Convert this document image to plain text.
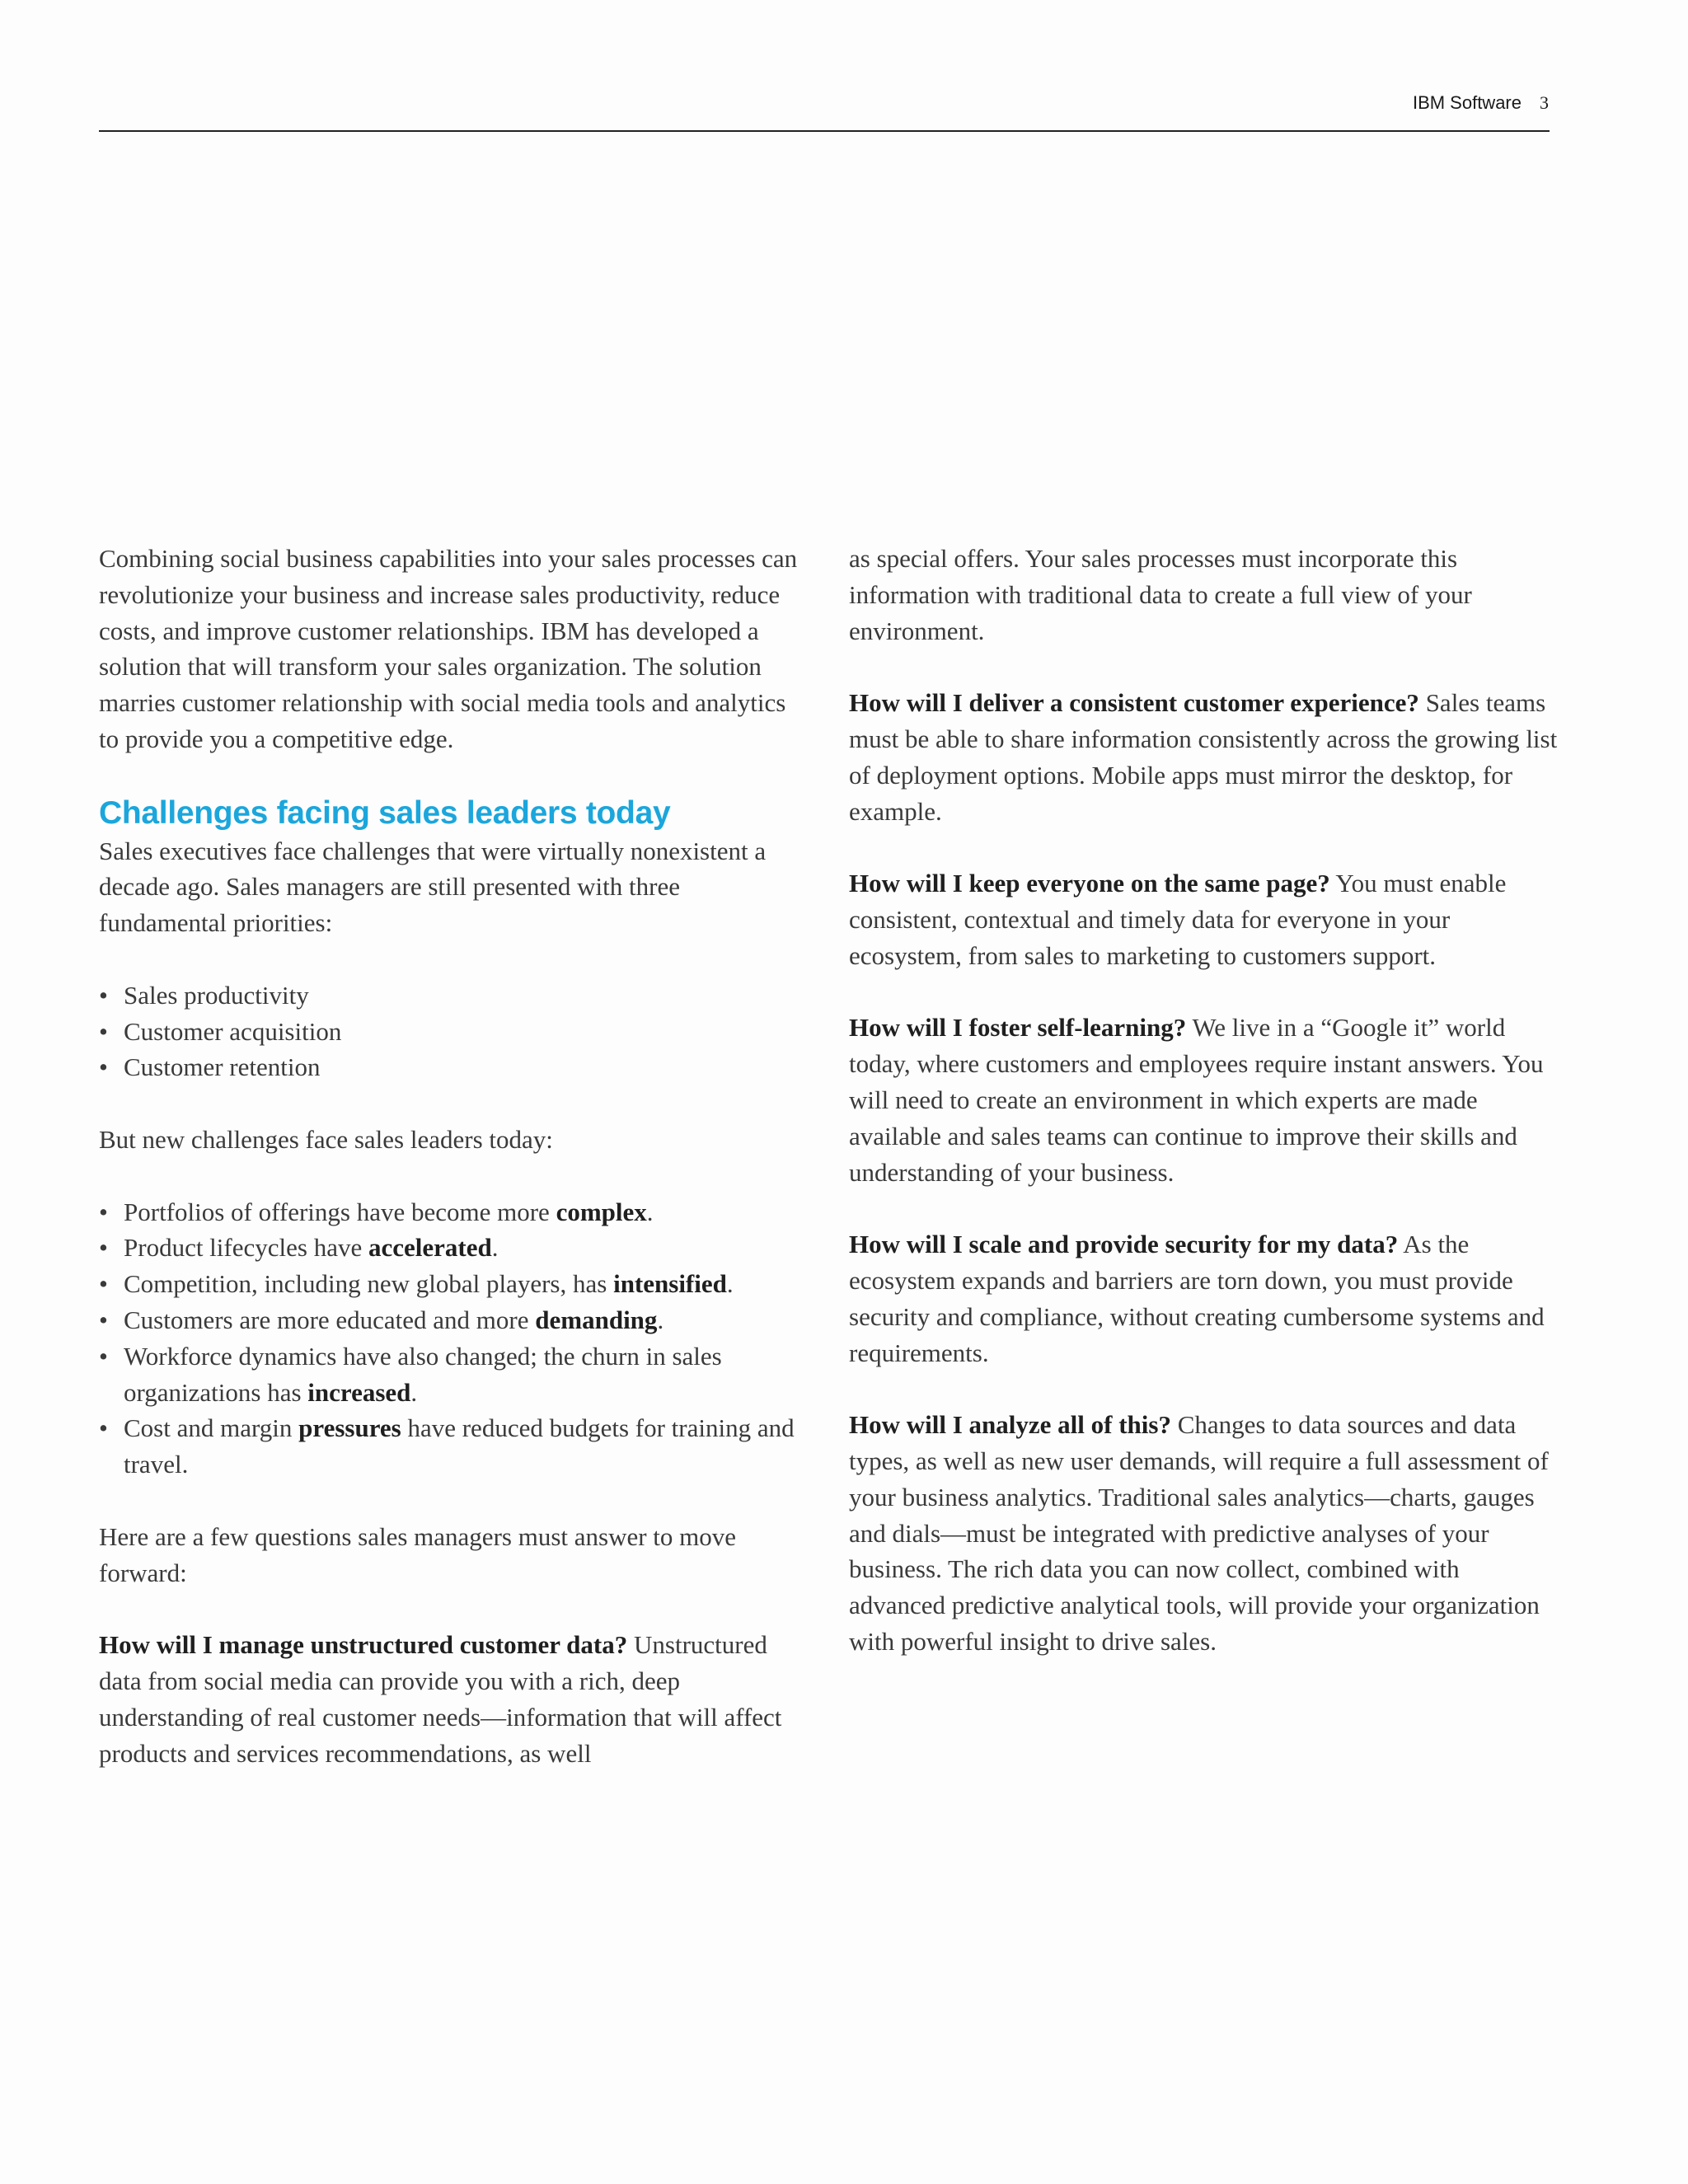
IBM Software 3

Combining social business capabilities into your sales processes can revolutionize your business and increase sales productivity, reduce costs, and improve customer relationships. IBM has developed a solution that will transform your sales organization. The solution marries customer relationship with social media tools and analytics to provide you a competitive edge.

Challenges facing sales leaders today

Sales executives face challenges that were virtually nonexistent a decade ago. Sales managers are still presented with three fundamental priorities:

• Sales productivity
• Customer acquisition
• Customer retention

But new challenges face sales leaders today:

• Portfolios of offerings have become more complex.
• Product lifecycles have accelerated.
• Competition, including new global players, has intensified.
• Customers are more educated and more demanding.
• Workforce dynamics have also changed; the churn in sales organizations has increased.
• Cost and margin pressures have reduced budgets for training and travel.

Here are a few questions sales managers must answer to move forward:

How will I manage unstructured customer data? Unstructured data from social media can provide you with a rich, deep understanding of real customer needs—information that will affect products and services recommendations, as well

as special offers. Your sales processes must incorporate this information with traditional data to create a full view of your environment.

How will I deliver a consistent customer experience? Sales teams must be able to share information consistently across the growing list of deployment options. Mobile apps must mirror the desktop, for example.

How will I keep everyone on the same page? You must enable consistent, contextual and timely data for everyone in your ecosystem, from sales to marketing to customers support.

How will I foster self-learning? We live in a “Google it” world today, where customers and employees require instant answers. You will need to create an environment in which experts are made available and sales teams can continue to improve their skills and understanding of your business.

How will I scale and provide security for my data? As the ecosystem expands and barriers are torn down, you must provide security and compliance, without creating cumbersome systems and requirements.

How will I analyze all of this? Changes to data sources and data types, as well as new user demands, will require a full assessment of your business analytics. Traditional sales analytics—charts, gauges and dials—must be integrated with predictive analyses of your business. The rich data you can now collect, combined with advanced predictive analytical tools, will provide your organization with powerful insight to drive sales.
